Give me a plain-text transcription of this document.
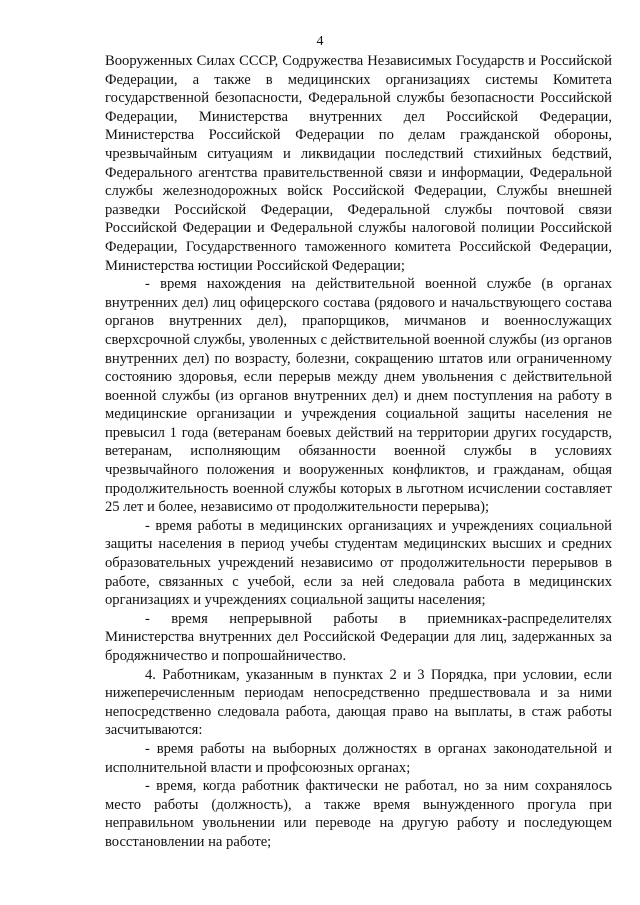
4

Вооруженных Силах СССР, Содружества Независимых Государств и Российской Федерации, а также в медицинских организациях системы Комитета государственной безопасности, Федеральной службы безопасности Российской Федерации, Министерства внутренних дел Российской Федерации, Министерства Российской Федерации по делам гражданской обороны, чрезвычайным ситуациям и ликвидации последствий стихийных бедствий, Федерального агентства правительственной связи и информации, Федеральной службы железнодорожных войск Российской Федерации, Службы внешней разведки Российской Федерации, Федеральной службы почтовой связи Российской Федерации и Федеральной службы налоговой полиции Российской Федерации, Государственного таможенного комитета Российской Федерации, Министерства юстиции Российской Федерации;

- время нахождения на действительной военной службе (в органах внутренних дел) лиц офицерского состава (рядового и начальствующего состава органов внутренних дел), прапорщиков, мичманов и военнослужащих сверхсрочной службы, уволенных с действительной военной службы (из органов внутренних дел) по возрасту, болезни, сокращению штатов или ограниченному состоянию здоровья, если перерыв между днем увольнения с действительной военной службы (из органов внутренних дел) и днем поступления на работу в медицинские организации и учреждения социальной защиты населения не превысил 1 года (ветеранам боевых действий на территории других государств, ветеранам, исполняющим обязанности военной службы в условиях чрезвычайного положения и вооруженных конфликтов, и гражданам, общая продолжительность военной службы которых в льготном исчислении составляет 25 лет и более, независимо от продолжительности перерыва);

- время работы в медицинских организациях и учреждениях социальной защиты населения в период учебы студентам медицинских высших и средних образовательных учреждений независимо от продолжительности перерывов в работе, связанных с учебой, если за ней следовала работа в медицинских организациях и учреждениях социальной защиты населения;

- время непрерывной работы в приемниках-распределителях Министерства внутренних дел Российской Федерации для лиц, задержанных за бродяжничество и попрошайничество.

4. Работникам, указанным в пунктах 2 и 3 Порядка, при условии, если нижеперечисленным периодам непосредственно предшествовала и за ними непосредственно следовала работа, дающая право на выплаты, в стаж работы засчитываются:

- время работы на выборных должностях в органах законодательной и исполнительной власти и профсоюзных органах;

- время, когда работник фактически не работал, но за ним сохранялось место работы (должность), а также время вынужденного прогула при неправильном увольнении или переводе на другую работу и последующем восстановлении на работе;
